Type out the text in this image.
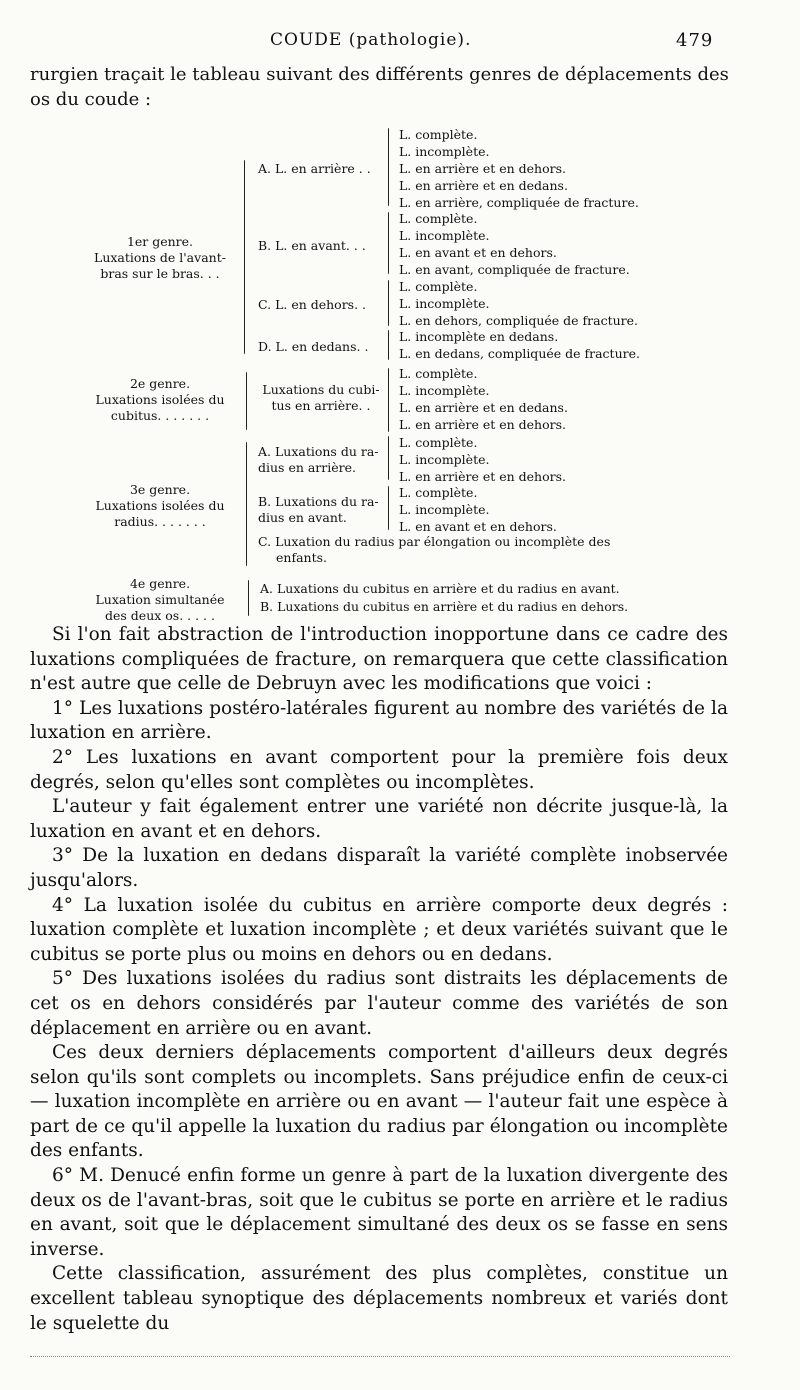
COUDE (pathologie).	479

rurgien traçait le tableau suivant des différents genres de déplacements des os du coude :

1er genre.
Luxations de l'avant-
bras sur le bras. . .
A. L. en arrière . .
L. complète.
L. incomplète.
L. en arrière et en dehors.
L. en arrière et en dedans.
L. en arrière, compliquée de fracture.
B. L. en avant. . .
L. complète.
L. incomplète.
L. en avant et en dehors.
L. en avant, compliquée de fracture.
C. L. en dehors. .
L. complète.
L. incomplète.
L. en dehors, compliquée de fracture.
D. L. en dedans. .
L. incomplète en dedans.
L. en dedans, compliquée de fracture.
2e genre.
Luxations isolées du
cubitus. . . . . . .
Luxations du cubi-
tus en arrière. .
L. complète.
L. incomplète.
L. en arrière et en dedans.
L. en arrière et en dehors.
3e genre.
Luxations isolées du
radius. . . . . . .
A. Luxations du ra-
dius en arrière.
L. complète.
L. incomplète.
L. en arrière et en dehors.
B. Luxations du ra-
dius en avant.
L. complète.
L. incomplète.
L. en avant et en dehors.
C. Luxation du radius par élongation ou incomplète des
enfants.
4e genre.
Luxation simultanée
des deux os. . . . .
A. Luxations du cubitus en arrière et du radius en avant.
B. Luxations du cubitus en arrière et du radius en dehors.

Si l'on fait abstraction de l'introduction inopportune dans ce cadre des luxations compliquées de fracture, on remarquera que cette classification n'est autre que celle de Debruyn avec les modifications que voici :

1° Les luxations postéro-latérales figurent au nombre des variétés de la luxation en arrière.

2° Les luxations en avant comportent pour la première fois deux degrés, selon qu'elles sont complètes ou incomplètes.

L'auteur y fait également entrer une variété non décrite jusque-là, la luxation en avant et en dehors.

3° De la luxation en dedans disparaît la variété complète inobservée jusqu'alors.

4° La luxation isolée du cubitus en arrière comporte deux degrés : luxation complète et luxation incomplète ; et deux variétés suivant que le cubitus se porte plus ou moins en dehors ou en dedans.

5° Des luxations isolées du radius sont distraits les déplacements de cet os en dehors considérés par l'auteur comme des variétés de son déplacement en arrière ou en avant.

Ces deux derniers déplacements comportent d'ailleurs deux degrés selon qu'ils sont complets ou incomplets. Sans préjudice enfin de ceux-ci — luxation incomplète en arrière ou en avant — l'auteur fait une espèce à part de ce qu'il appelle la luxation du radius par élongation ou incomplète des enfants.

6° M. Denucé enfin forme un genre à part de la luxation divergente des deux os de l'avant-bras, soit que le cubitus se porte en arrière et le radius en avant, soit que le déplacement simultané des deux os se fasse en sens inverse.

Cette classification, assurément des plus complètes, constitue un excellent tableau synoptique des déplacements nombreux et variés dont le squelette du
